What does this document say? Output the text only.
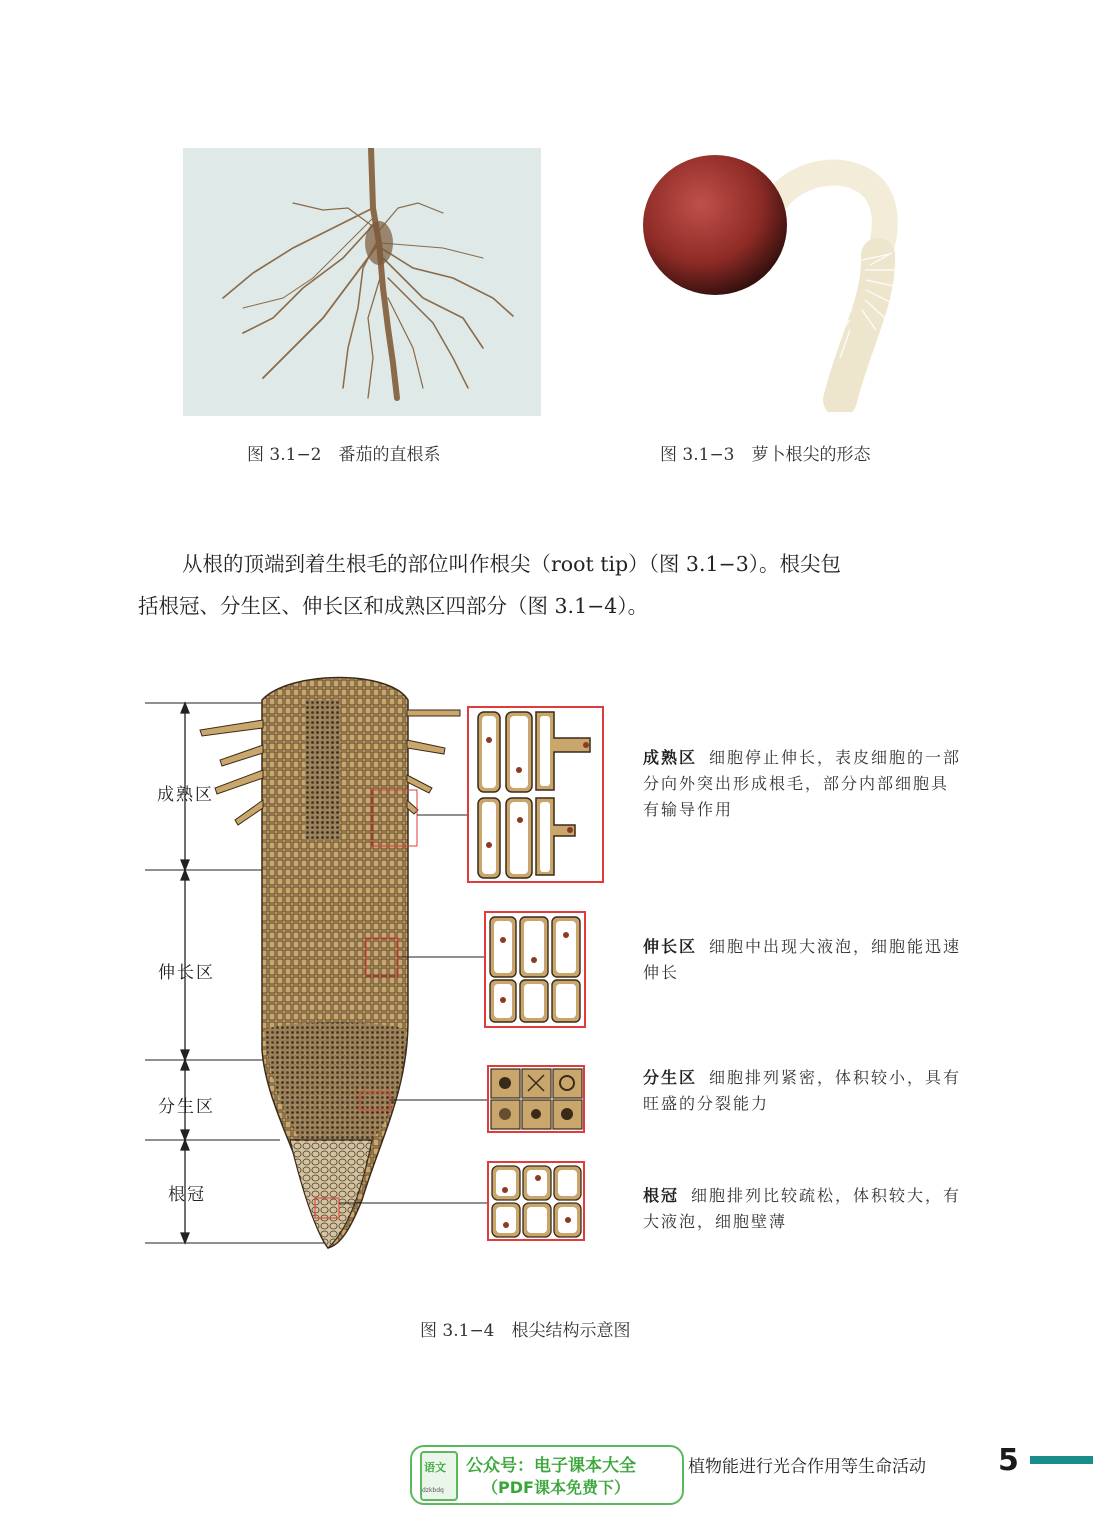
图 3.1−2　番茄的直根系	图 3.1−3　萝卜根尖的形态
从根的顶端到着生根毛的部位叫作根尖（root tip）（图 3.1−3）。根尖包
括根冠、分生区、伸长区和成熟区四部分（图 3.1−4）。
成熟区
伸长区
分生区
根冠
成熟区 细胞停止伸长，表皮细胞的一部分向外突出形成根毛，部分内部细胞具有输导作用
伸长区 细胞中出现大液泡，细胞能迅速伸长
分生区 细胞排列紧密，体积较小，具有旺盛的分裂能力
根冠 细胞排列比较疏松，体积较大，有大液泡，细胞壁薄
图 3.1−4　根尖结构示意图
语文
dzkbdq
公众号：电子课本大全
（PDF课本免费下）
植物能进行光合作用等生命活动 5
